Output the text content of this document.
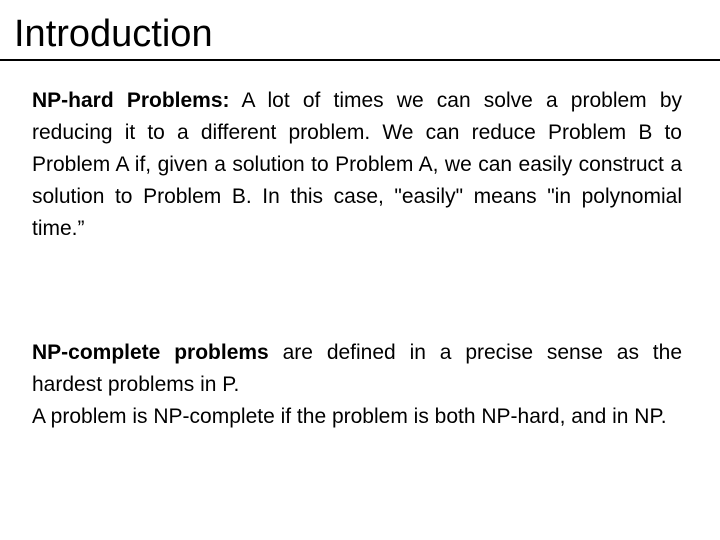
Introduction
NP-hard Problems: A lot of times we can solve a problem by reducing it to a different problem. We can reduce Problem B to Problem A if, given a solution to Problem A, we can easily construct a solution to Problem B. In this case, "easily" means "in polynomial time.”
NP-complete problems are defined in a precise sense as the hardest problems in P.
A problem is NP-complete if the problem is both NP-hard, and in NP.
